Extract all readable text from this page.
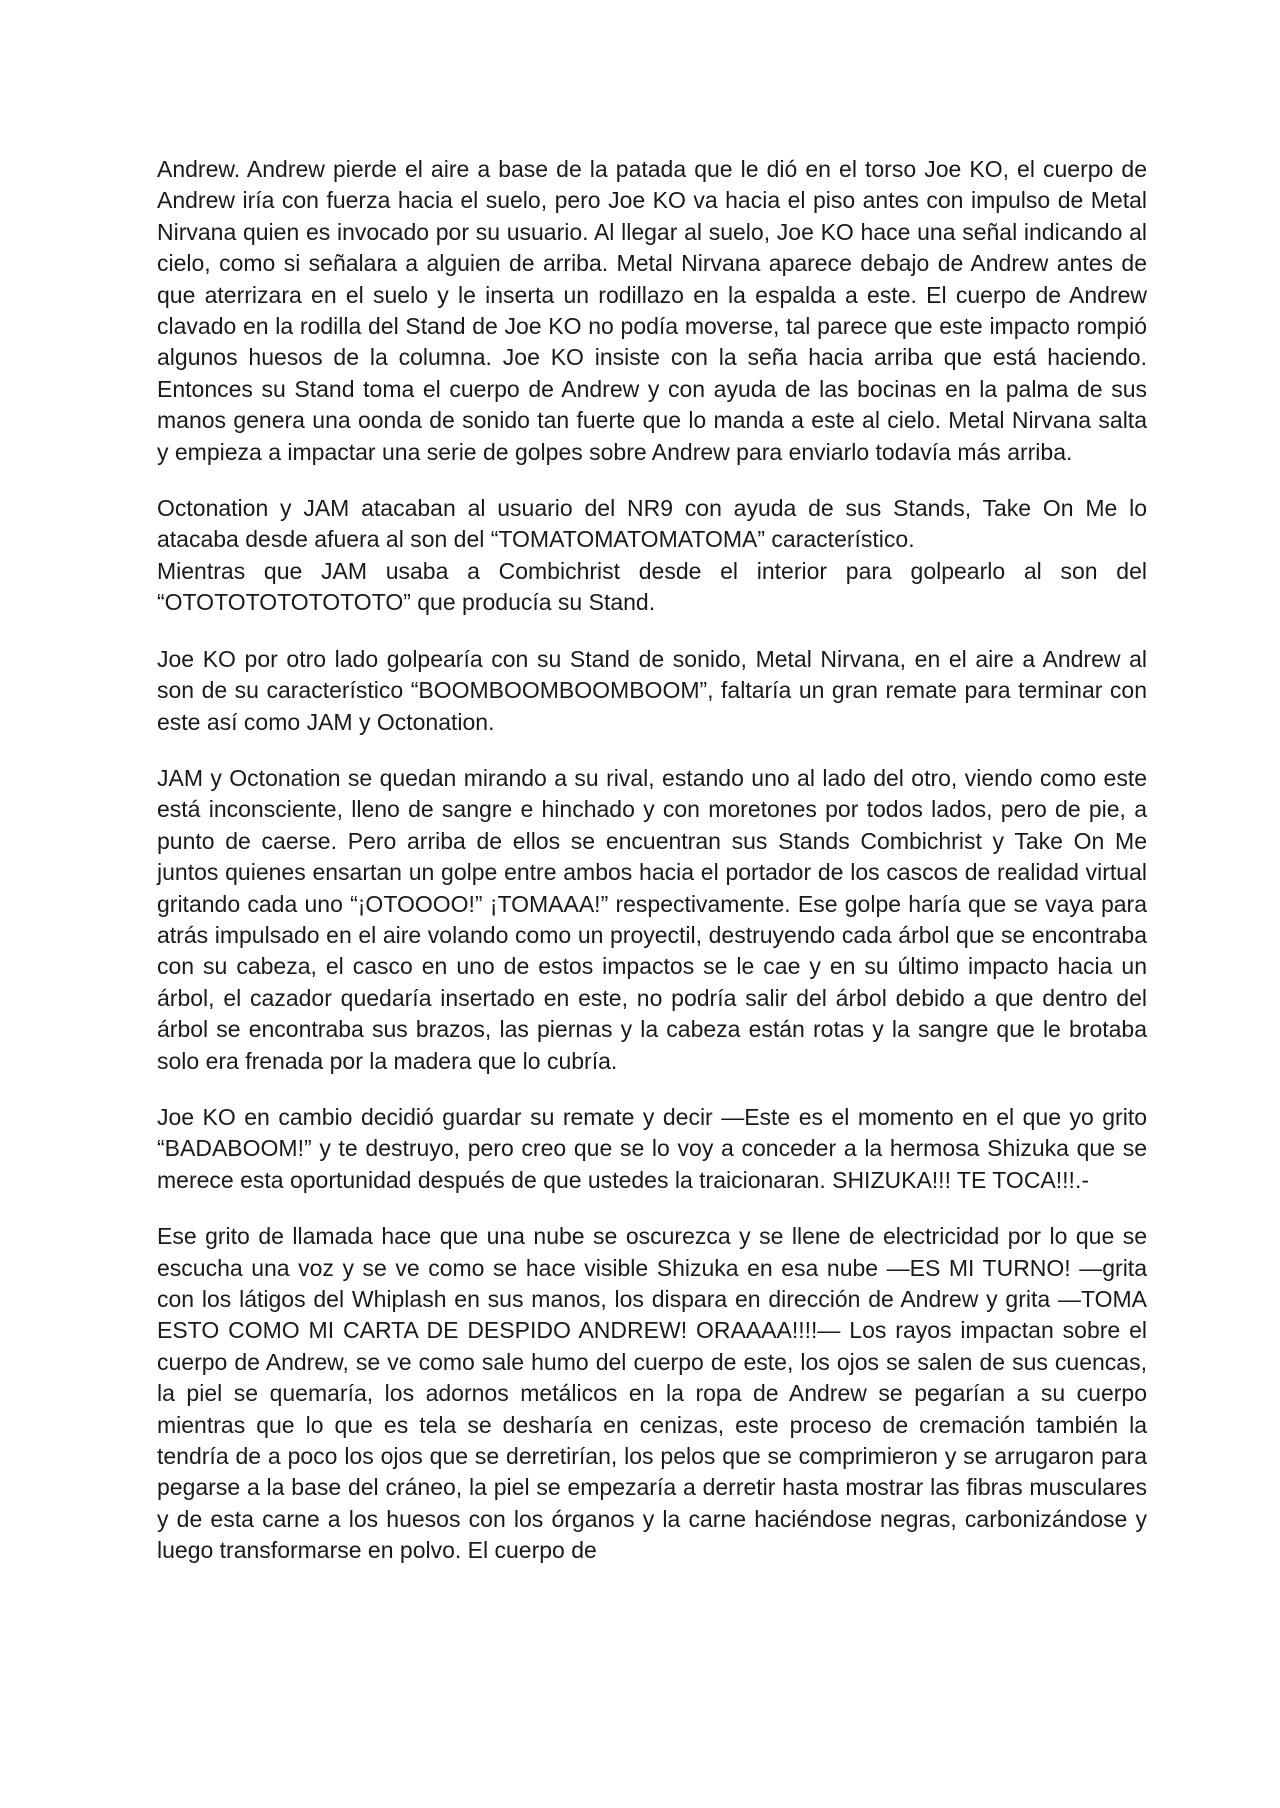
Andrew. Andrew pierde el aire a base de la patada que le dió en el torso Joe KO, el cuerpo de Andrew iría con fuerza hacia el suelo, pero Joe KO va hacia el piso antes con impulso de Metal Nirvana quien es invocado por su usuario. Al llegar al suelo, Joe KO hace una señal indicando al cielo, como si señalara a alguien de arriba. Metal Nirvana aparece debajo de Andrew antes de que aterrizara en el suelo y le inserta un rodillazo en la espalda a este. El cuerpo de Andrew clavado en la rodilla del Stand de Joe KO no podía moverse, tal parece que este impacto rompió algunos huesos de la columna. Joe KO insiste con la seña hacia arriba que está haciendo. Entonces su Stand toma el cuerpo de Andrew y con ayuda de las bocinas en la palma de sus manos genera una oonda de sonido tan fuerte que lo manda a este al cielo. Metal Nirvana salta y empieza a impactar una serie de golpes sobre Andrew para enviarlo todavía más arriba.

Octonation y JAM atacaban al usuario del NR9 con ayuda de sus Stands, Take On Me lo atacaba desde afuera al son del “TOMATOMATOMATOMA” característico.

Mientras que JAM usaba a Combichrist desde el interior para golpearlo al son del “OTOTOTOTOTOTOTO” que producía su Stand.

Joe KO por otro lado golpearía con su Stand de sonido, Metal Nirvana, en el aire a Andrew al son de su característico “BOOMBOOMBOOMBOOM”, faltaría un gran remate para terminar con este así como JAM y Octonation.

JAM y Octonation se quedan mirando a su rival, estando uno al lado del otro, viendo como este está inconsciente, lleno de sangre e hinchado y con moretones por todos lados, pero de pie, a punto de caerse. Pero arriba de ellos se encuentran sus Stands Combichrist y Take On Me juntos quienes ensartan un golpe entre ambos hacia el portador de los cascos de realidad virtual gritando cada uno “¡OTOOOO!” ¡TOMAAA!” respectivamente. Ese golpe haría que se vaya para atrás impulsado en el aire volando como un proyectil, destruyendo cada árbol que se encontraba con su cabeza, el casco en uno de estos impactos se le cae y en su último impacto hacia un árbol, el cazador quedaría insertado en este, no podría salir del árbol debido a que dentro del árbol se encontraba sus brazos, las piernas y la cabeza están rotas y la sangre que le brotaba solo era frenada por la madera que lo cubría.

Joe KO en cambio decidió guardar su remate y decir —Este es el momento en el que yo grito “BADABOOM!” y te destruyo, pero creo que se lo voy a conceder a la hermosa Shizuka que se merece esta oportunidad después de que ustedes la traicionaran. SHIZUKA!!! TE TOCA!!!.-

Ese grito de llamada hace que una nube se oscurezca y se llene de electricidad por lo que se escucha una voz y se ve como se hace visible Shizuka en esa nube —ES MI TURNO! —grita con los látigos del Whiplash en sus manos, los dispara en dirección de Andrew y grita —TOMA ESTO COMO MI CARTA DE DESPIDO ANDREW! ORAAAA!!!!— Los rayos impactan sobre el cuerpo de Andrew, se ve como sale humo del cuerpo de este, los ojos se salen de sus cuencas, la piel se quemaría, los adornos metálicos en la ropa de Andrew se pegarían a su cuerpo mientras que lo que es tela se desharía en cenizas, este proceso de cremación también la tendría de a poco los ojos que se derretirían, los pelos que se comprimieron y se arrugaron para pegarse a la base del cráneo, la piel se empezaría a derretir hasta mostrar las fibras musculares y de esta carne a los huesos con los órganos y la carne haciéndose negras, carbonizándose y luego transformarse en polvo. El cuerpo de
